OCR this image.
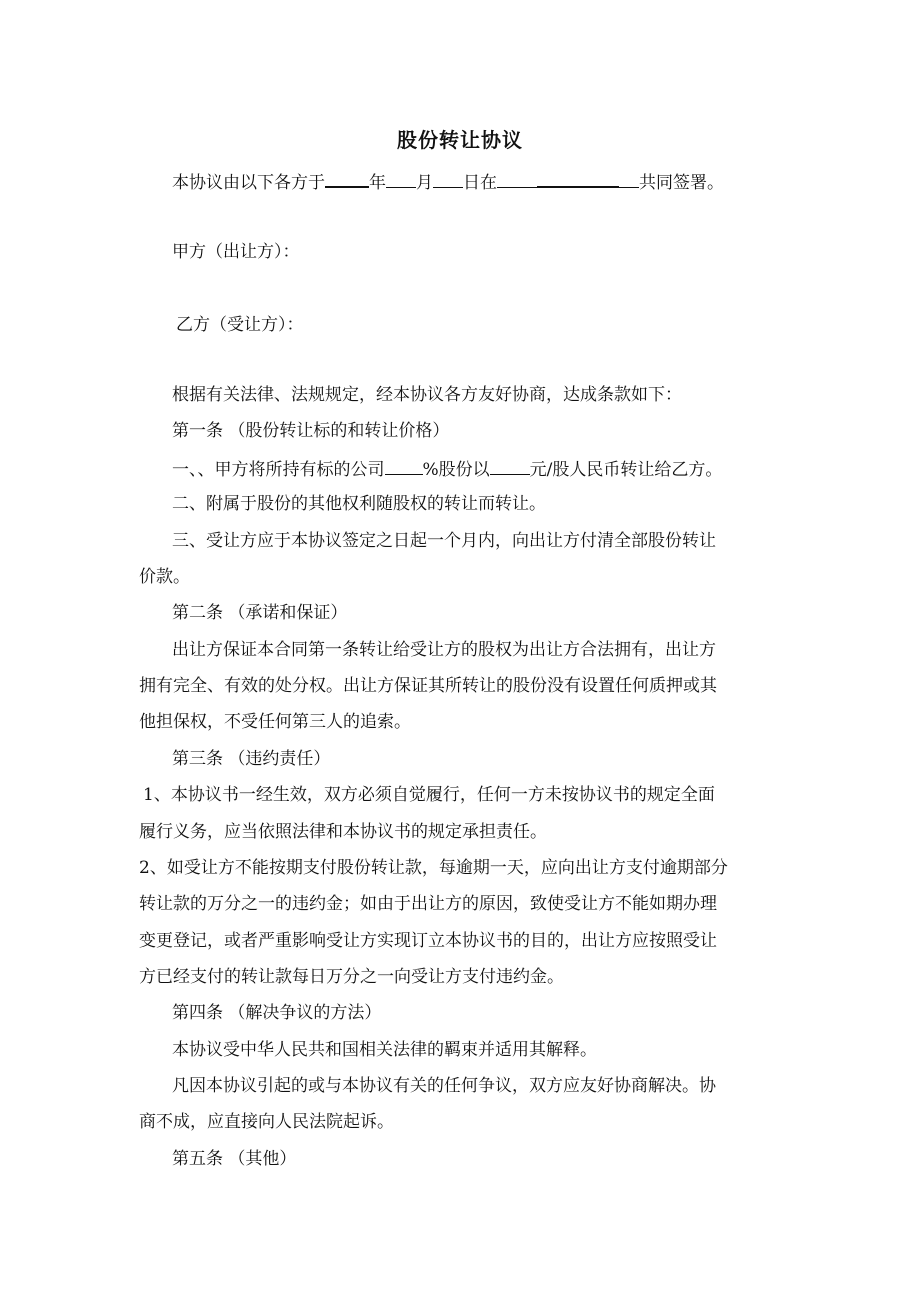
股份转让协议
本协议由以下各方于	年 月 日在	共同签署。
甲方（出让方）：
乙方（受让方）：
根据有关法律、法规规定，经本协议各方友好协商，达成条款如下：
第一条 （股份转让标的和转让价格）
一、、甲方将所持有标的公司 %股份以 元/股人民币转让给乙方。
二、附属于股份的其他权利随股权的转让而转让。
三、受让方应于本协议签定之日起一个月内，向出让方付清全部股份转让
价款。
第二条 （承诺和保证）
出让方保证本合同第一条转让给受让方的股权为出让方合法拥有，出让方
拥有完全、有效的处分权。出让方保证其所转让的股份没有设置任何质押或其
他担保权，不受任何第三人的追索。
第三条 （违约责任）
1、本协议书一经生效，双方必须自觉履行，任何一方未按协议书的规定全面
履行义务，应当依照法律和本协议书的规定承担责任。
2、如受让方不能按期支付股份转让款，每逾期一天，应向出让方支付逾期部分
转让款的万分之一的违约金；如由于出让方的原因，致使受让方不能如期办理
变更登记，或者严重影响受让方实现订立本协议书的目的，出让方应按照受让
方已经支付的转让款每日万分之一向受让方支付违约金。
第四条 （解决争议的方法）
本协议受中华人民共和国相关法律的羁束并适用其解释。
凡因本协议引起的或与本协议有关的任何争议，双方应友好协商解决。协
商不成，应直接向人民法院起诉。
第五条 （其他）
